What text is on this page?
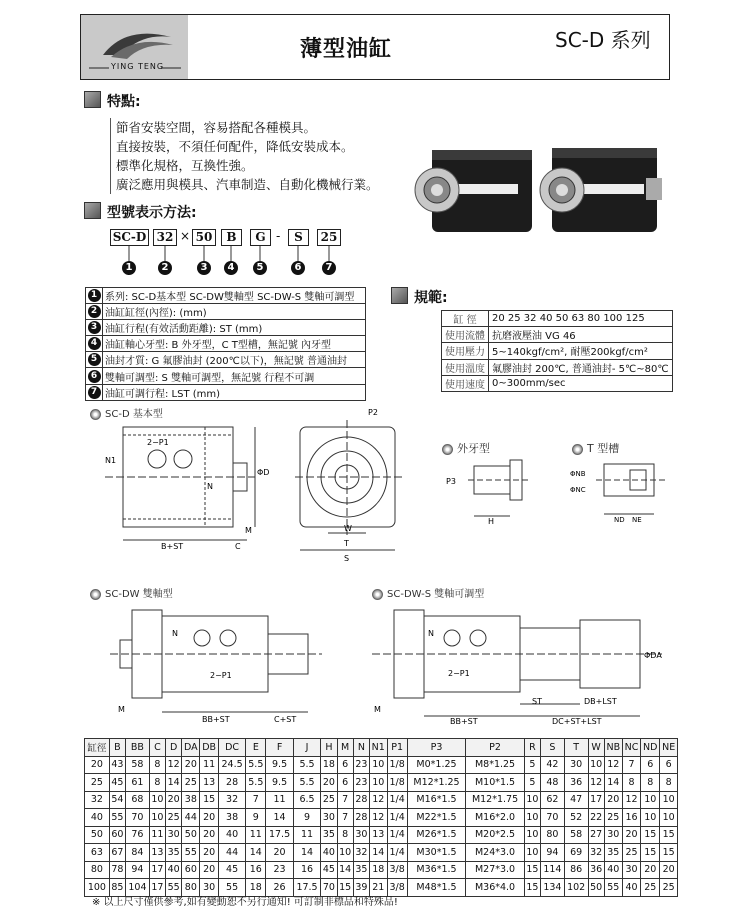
YING TENG
薄型油缸	SC-D 系列
特點:
節省安裝空間，容易搭配各種模具。
直接按裝，不須任何配件，降低安裝成本。
標準化規格，互換性強。
廣泛應用與模具、汽車制造、自動化機械行業。
型號表示方法:
SC-D 32 × 50	B	G -	S	25
1	2	3	4	5	6	7
1	系列: SC-D基本型 SC-DW雙軸型 SC-DW-S 雙軸可調型
2	油缸缸徑(內徑): (mm)
3	油缸行程(有效活動距離): ST (mm)
4	油缸軸心牙型: B 外牙型，C T型槽，無記號 內牙型
5	油封才質: G 氟膠油封 (200℃以下)，無記號 普通油封
6	雙軸可調型: S 雙軸可調型，無記號 行程不可調
7	油缸可調行程: LST (mm)
規範:
缸 徑	20 25 32 40 50 63 80 100 125
使用流體	抗磨液壓油 VG 46
使用壓力	5~140kgf/cm², 耐壓200kgf/cm²
使用溫度	氟膠油封 200℃, 普通油封- 5℃~80℃
使用速度	0~300mm/sec
SC-D 基本型
外牙型	T 型槽
SC-DW 雙軸型	SC-DW-S 雙軸可調型
N1
2−P1
N
B+ST	C
M
ΦD
P2
W
T
S
P3
H
ΦNB
ΦNC
ND NE
N
2−P1
BB+ST	C+ST
M
N
2−P1
BB+ST
ST	DB+LST
DC+ST+LST
ΦDA
M
缸徑	B	BB	C	D	DA	DB	DC	E	F	J	H	M	N	N1	P1	P3	P2	R	S	T	W	NB	NC	ND	NE
20	43	58	8	12	20	11	24.5	5.5	9.5	5.5	18	6	23	10	1/8	M0*1.25	M8*1.25	5	42	30	10	12	7	6	6
25	45	61	8	14	25	13	28	5.5	9.5	5.5	20	6	23	10	1/8	M12*1.25	M10*1.5	5	48	36	12	14	8	8	8
32	54	68	10	20	38	15	32	7	11	6.5	25	7	28	12	1/4	M16*1.5	M12*1.75	10	62	47	17	20	12	10	10
40	55	70	10	25	44	20	38	9	14	9	30	7	28	12	1/4	M22*1.5	M16*2.0	10	70	52	22	25	16	10	10
50	60	76	11	30	50	20	40	11	17.5	11	35	8	30	13	1/4	M26*1.5	M20*2.5	10	80	58	27	30	20	15	15
63	67	84	13	35	55	20	44	14	20	14	40	10	32	14	1/4	M30*1.5	M24*3.0	10	94	69	32	35	25	15	15
80	78	94	17	40	60	20	45	16	23	16	45	14	35	18	3/8	M36*1.5	M27*3.0	15	114	86	36	40	30	20	20
100	85	104	17	55	80	30	55	18	26	17.5	70	15	39	21	3/8	M48*1.5	M36*4.0	15	134	102	50	55	40	25	25
※ 以上尺寸僅供參考,如有變動恕不另行通知! 可訂制非標品和特殊品!
